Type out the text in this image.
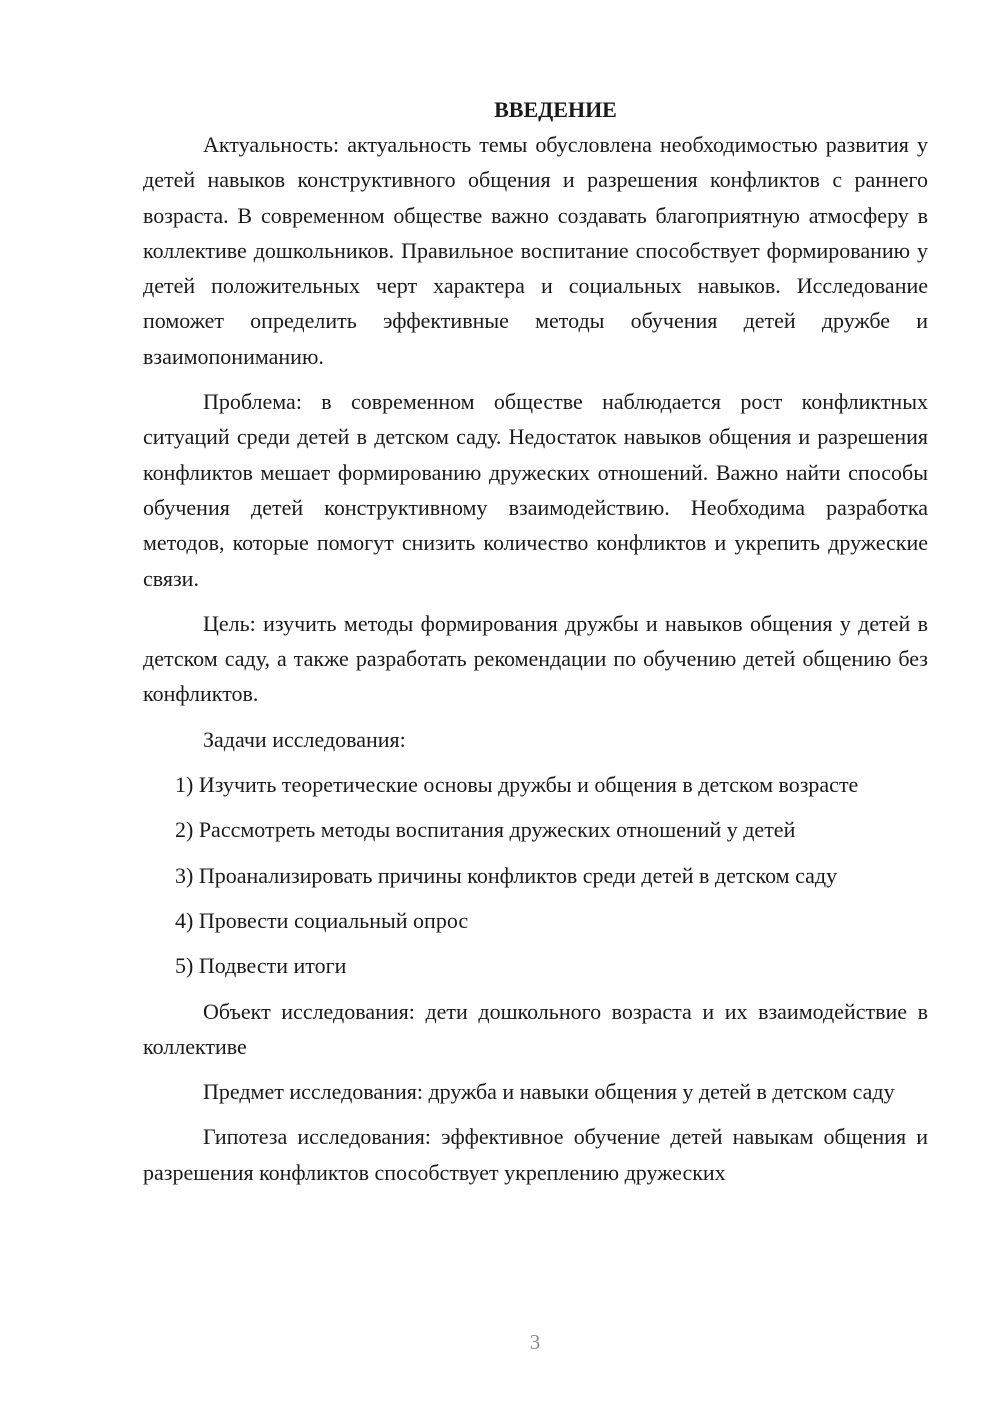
ВВЕДЕНИЕ

Актуальность: актуальность темы обусловлена необходимостью развития у детей навыков конструктивного общения и разрешения конфликтов с раннего возраста. В современном обществе важно создавать благоприятную атмосферу в коллективе дошкольников. Правильное воспитание способствует формированию у детей положительных черт характера и социальных навыков. Исследование поможет определить эффективные методы обучения детей дружбе и взаимопониманию.

Проблема: в современном обществе наблюдается рост конфликтных ситуаций среди детей в детском саду. Недостаток навыков общения и разрешения конфликтов мешает формированию дружеских отношений. Важно найти способы обучения детей конструктивному взаимодействию. Необходима разработка методов, которые помогут снизить количество конфликтов и укрепить дружеские связи.

Цель: изучить методы формирования дружбы и навыков общения у детей в детском саду, а также разработать рекомендации по обучению детей общению без конфликтов.

Задачи исследования:

1) Изучить теоретические основы дружбы и общения в детском возрасте

2) Рассмотреть методы воспитания дружеских отношений у детей

3) Проанализировать причины конфликтов среди детей в детском саду

4) Провести социальный опрос

5) Подвести итоги

Объект исследования: дети дошкольного возраста и их взаимодействие в коллективе

Предмет исследования: дружба и навыки общения у детей в детском саду

Гипотеза исследования: эффективное обучение детей навыкам общения и разрешения конфликтов способствует укреплению дружеских

3
